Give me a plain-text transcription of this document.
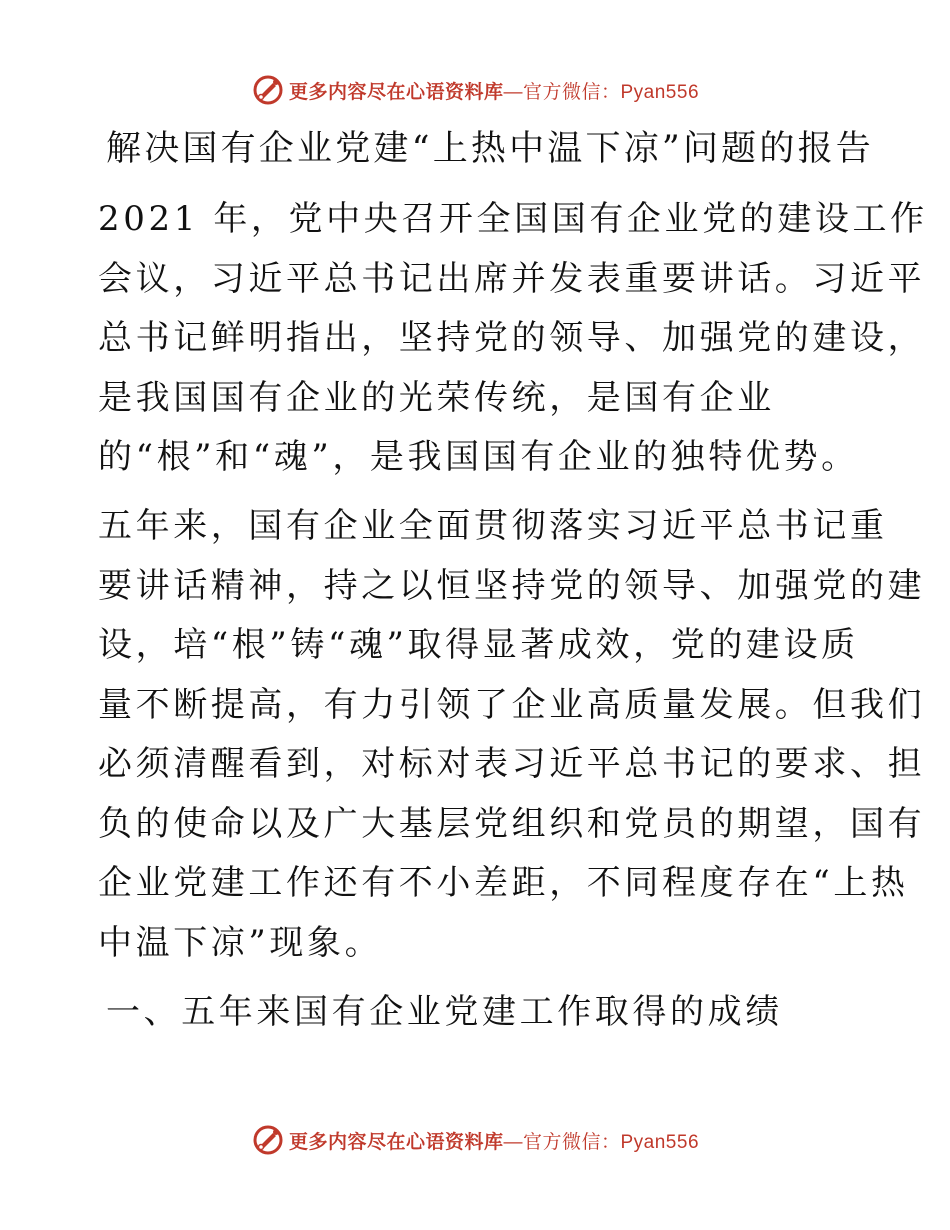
更多内容尽在心语资料库—官方微信：Pyan556
解决国有企业党建“上热中温下凉”问题的报告

2021 年，党中央召开全国国有企业党的建设工作
会议，习近平总书记出席并发表重要讲话。习近平
总书记鲜明指出，坚持党的领导、加强党的建设，
是我国国有企业的光荣传统，是国有企业
的“根”和“魂”，是我国国有企业的独特优势。

五年来，国有企业全面贯彻落实习近平总书记重
要讲话精神，持之以恒坚持党的领导、加强党的建
设，培“根”铸“魂”取得显著成效，党的建设质
量不断提高，有力引领了企业高质量发展。但我们
必须清醒看到，对标对表习近平总书记的要求、担
负的使命以及广大基层党组织和党员的期望，国有
企业党建工作还有不小差距，不同程度存在“上热
中温下凉”现象。

一、五年来国有企业党建工作取得的成绩
更多内容尽在心语资料库—官方微信：Pyan556
